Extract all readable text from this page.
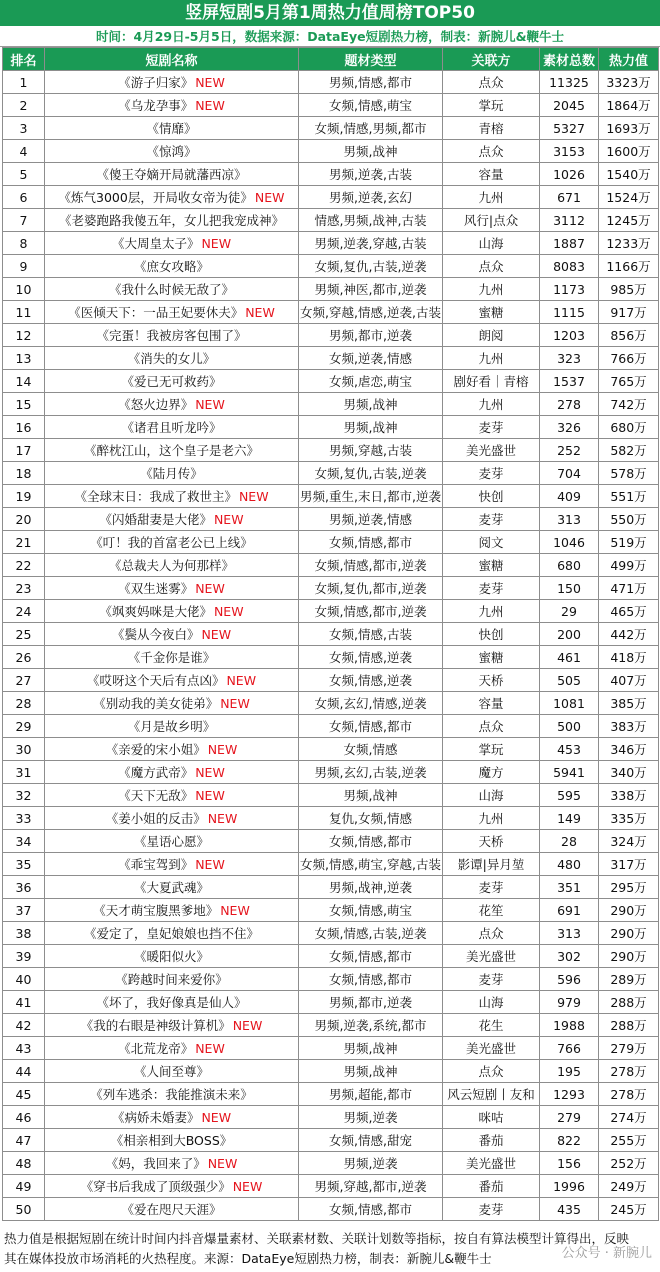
竖屏短剧5月第1周热力值周榜TOP50
时间：4月29日-5月5日，数据来源：DataEye短剧热力榜，制表：新腕儿&鞭牛士
排名	短剧名称	题材类型	关联方	素材总数	热力值
1	《游子归家》 NEW	男频,情感,都市	点众	11325	3323万
2	《乌龙孕事》 NEW	女频,情感,萌宝	掌玩	2045	1864万
3	《情靡》	女频,情感,男频,都市	青榕	5327	1693万
4	《惊鸿》	男频,战神	点众	3153	1600万
5	《傻王夺嫡开局就藩西凉》	男频,逆袭,古装	容量	1026	1540万
6	《炼气3000层，开局收女帝为徒》 NEW	男频,逆袭,玄幻	九州	671	1524万
7	《老婆跑路我傻五年，女儿把我宠成神》	情感,男频,战神,古装	风行|点众	3112	1245万
8	《大周皇太子》 NEW	男频,逆袭,穿越,古装	山海	1887	1233万
9	《庶女攻略》	女频,复仇,古装,逆袭	点众	8083	1166万
10	《我什么时候无敌了》	男频,神医,都市,逆袭	九州	1173	985万
11	《医倾天下：一品王妃要休夫》 NEW	女频,穿越,情感,逆袭,古装	蜜糖	1115	917万
12	《完蛋！我被房客包围了》	男频,都市,逆袭	朗阅	1203	856万
13	《消失的女儿》	女频,逆袭,情感	九州	323	766万
14	《爱已无可救药》	女频,虐恋,萌宝	剧好看｜青榕	1537	765万
15	《怒火边界》 NEW	男频,战神	九州	278	742万
16	《诸君且听龙吟》	男频,战神	麦芽	326	680万
17	《醉枕江山，这个皇子是老六》	男频,穿越,古装	美光盛世	252	582万
18	《陆月传》	女频,复仇,古装,逆袭	麦芽	704	578万
19	《全球末日：我成了救世主》 NEW	男频,重生,末日,都市,逆袭	快创	409	551万
20	《闪婚甜妻是大佬》 NEW	男频,逆袭,情感	麦芽	313	550万
21	《叮！我的首富老公已上线》	女频,情感,都市	阅文	1046	519万
22	《总裁夫人为何那样》	女频,情感,都市,逆袭	蜜糖	680	499万
23	《双生迷雾》 NEW	女频,复仇,都市,逆袭	麦芽	150	471万
24	《飒爽妈咪是大佬》 NEW	女频,情感,都市,逆袭	九州	29	465万
25	《鬓从今夜白》 NEW	女频,情感,古装	快创	200	442万
26	《千金你是谁》	女频,情感,逆袭	蜜糖	461	418万
27	《哎呀这个天后有点凶》 NEW	女频,情感,逆袭	天桥	505	407万
28	《别动我的美女徒弟》 NEW	女频,玄幻,情感,逆袭	容量	1081	385万
29	《月是故乡明》	女频,情感,都市	点众	500	383万
30	《亲爱的宋小姐》 NEW	女频,情感	掌玩	453	346万
31	《魔方武帝》 NEW	男频,玄幻,古装,逆袭	魔方	5941	340万
32	《天下无敌》 NEW	男频,战神	山海	595	338万
33	《姜小姐的反击》 NEW	复仇,女频,情感	九州	149	335万
34	《星语心愿》	女频,情感,都市	天桥	28	324万
35	《乖宝驾到》 NEW	女频,情感,萌宝,穿越,古装	影谭|异月堃	480	317万
36	《大夏武魂》	男频,战神,逆袭	麦芽	351	295万
37	《天才萌宝腹黑爹地》 NEW	女频,情感,萌宝	花笙	691	290万
38	《爱定了，皇妃娘娘也挡不住》	女频,情感,古装,逆袭	点众	313	290万
39	《暖阳似火》	女频,情感,都市	美光盛世	302	290万
40	《跨越时间来爱你》	女频,情感,都市	麦芽	596	289万
41	《坏了，我好像真是仙人》	男频,都市,逆袭	山海	979	288万
42	《我的右眼是神级计算机》 NEW	男频,逆袭,系统,都市	花生	1988	288万
43	《北荒龙帝》 NEW	男频,战神	美光盛世	766	279万
44	《人间至尊》	男频,战神	点众	195	278万
45	《列车逃杀：我能推演未来》	男频,超能,都市	风云短剧丨友和	1293	278万
46	《病娇未婚妻》 NEW	男频,逆袭	咪咕	279	274万
47	《相亲相到大BOSS》	女频,情感,甜宠	番茄	822	255万
48	《妈，我回来了》 NEW	男频,逆袭	美光盛世	156	252万
49	《穿书后我成了顶级强少》 NEW	男频,穿越,都市,逆袭	番茄	1996	249万
50	《爱在咫尺天涯》	女频,情感,都市	麦芽	435	245万
热力值是根据短剧在统计时间内抖音爆量素材、关联素材数、关联计划数等指标，按自有算法模型计算得出，反映
其在媒体投放市场消耗的火热程度。来源：DataEye短剧热力榜，制表：新腕儿&鞭牛士	公众号 · 新腕儿
